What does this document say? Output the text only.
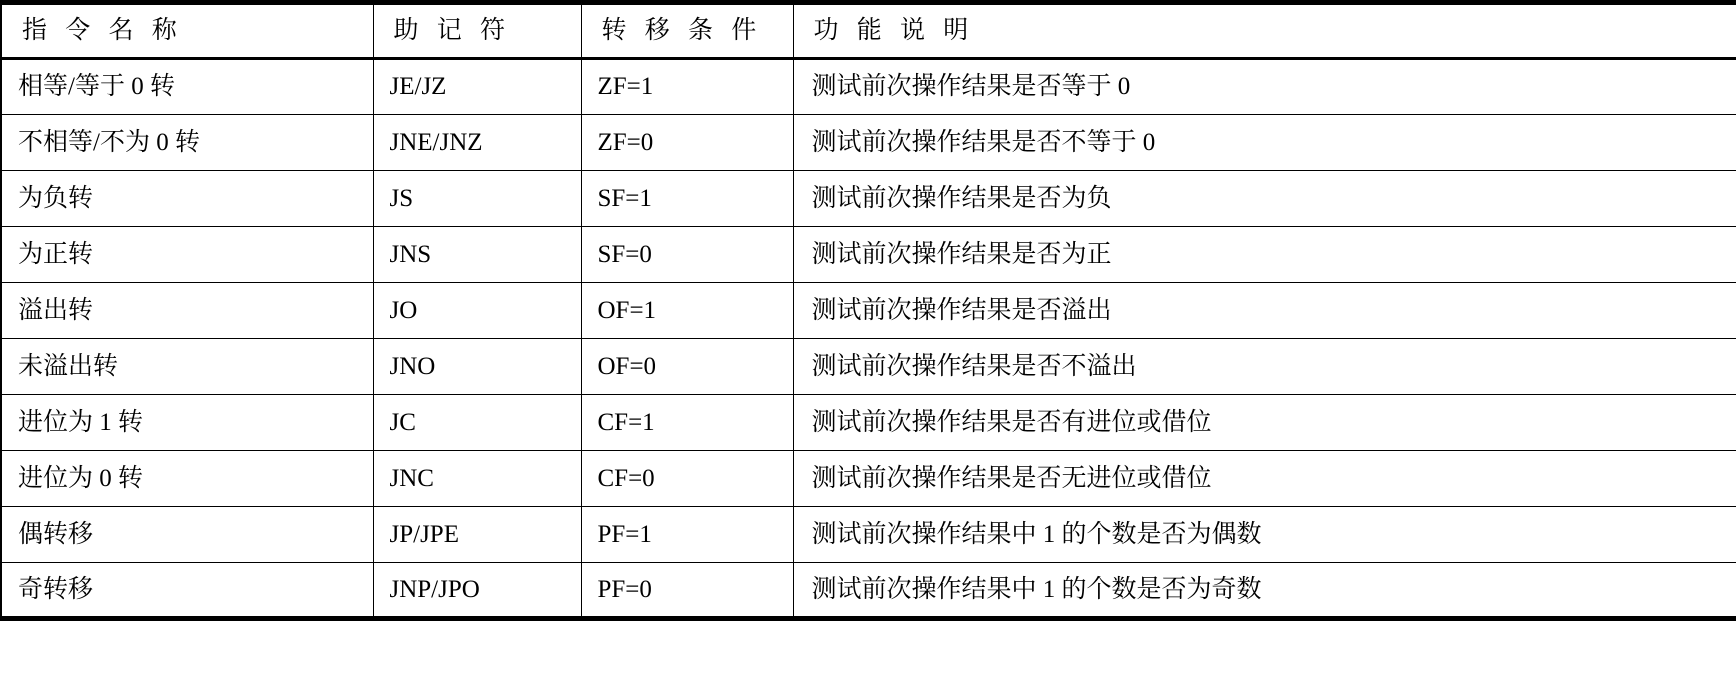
指 令 名 称	助 记 符	转 移 条 件	功 能 说 明
相等/等于 0 转	JE/JZ	ZF=1	测试前次操作结果是否等于 0
不相等/不为 0 转	JNE/JNZ	ZF=0	测试前次操作结果是否不等于 0
为负转	JS	SF=1	测试前次操作结果是否为负
为正转	JNS	SF=0	测试前次操作结果是否为正
溢出转	JO	OF=1	测试前次操作结果是否溢出
未溢出转	JNO	OF=0	测试前次操作结果是否不溢出
进位为 1 转	JC	CF=1	测试前次操作结果是否有进位或借位
进位为 0 转	JNC	CF=0	测试前次操作结果是否无进位或借位
偶转移	JP/JPE	PF=1	测试前次操作结果中 1 的个数是否为偶数
奇转移	JNP/JPO	PF=0	测试前次操作结果中 1 的个数是否为奇数
